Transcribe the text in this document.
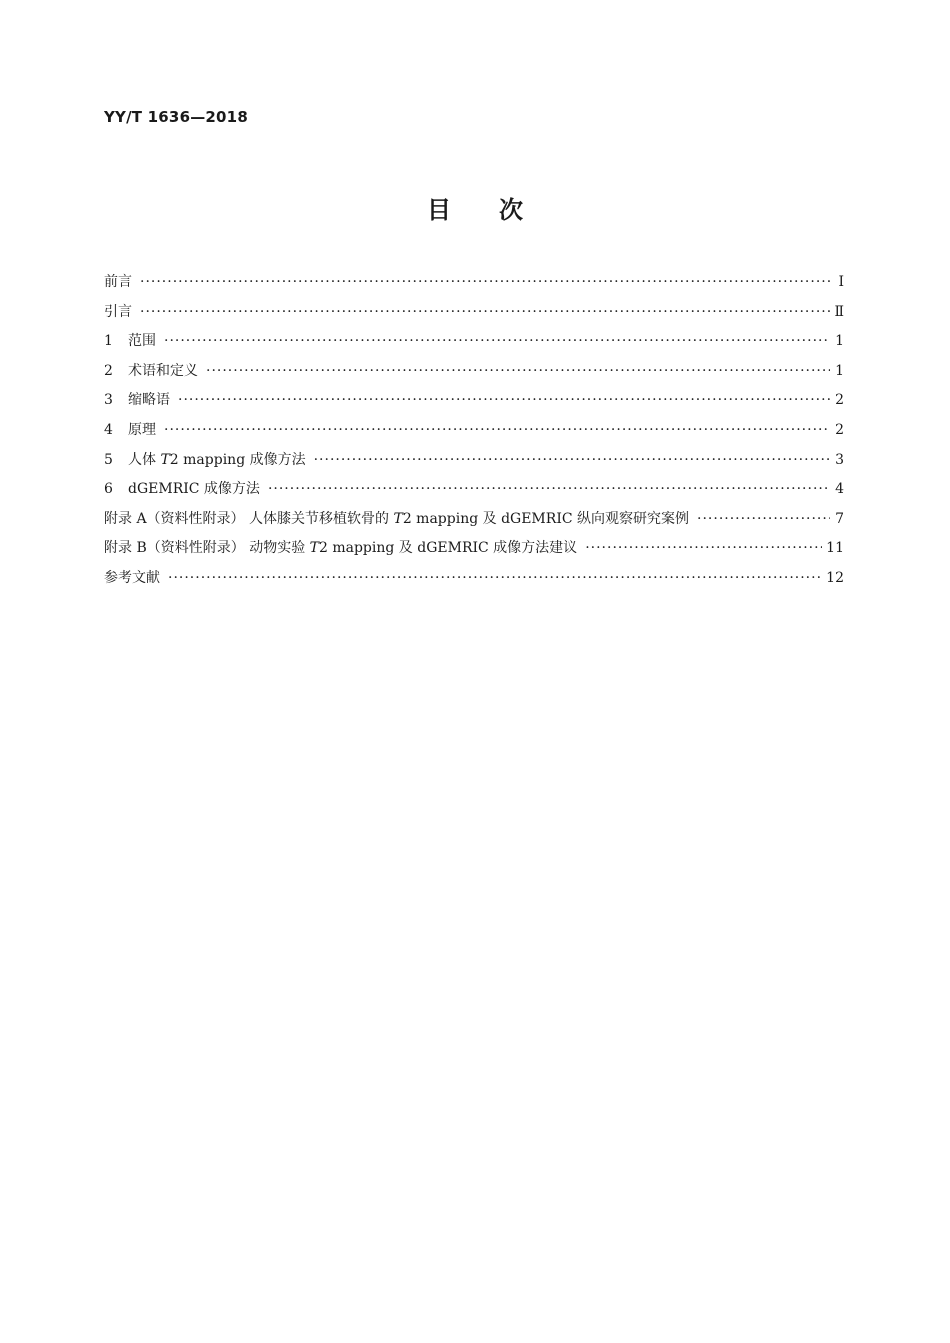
YY/T 1636—2018
目次
前言 ·····	Ⅰ
引言 ·····	Ⅱ
1	范围 ·····	1
2	术语和定义 ·····	1
3	缩略语 ·····	2
4	原理 ·····	2
5	人体 T2 mapping 成像方法 ·····	3
6	dGEMRIC 成像方法 ·····	4
附录 A（资料性附录） 人体膝关节移植软骨的 T2 mapping 及 dGEMRIC 纵向观察研究案例 ·····	7
附录 B（资料性附录） 动物实验 T2 mapping 及 dGEMRIC 成像方法建议 ·····	11
参考文献 ·····	12
